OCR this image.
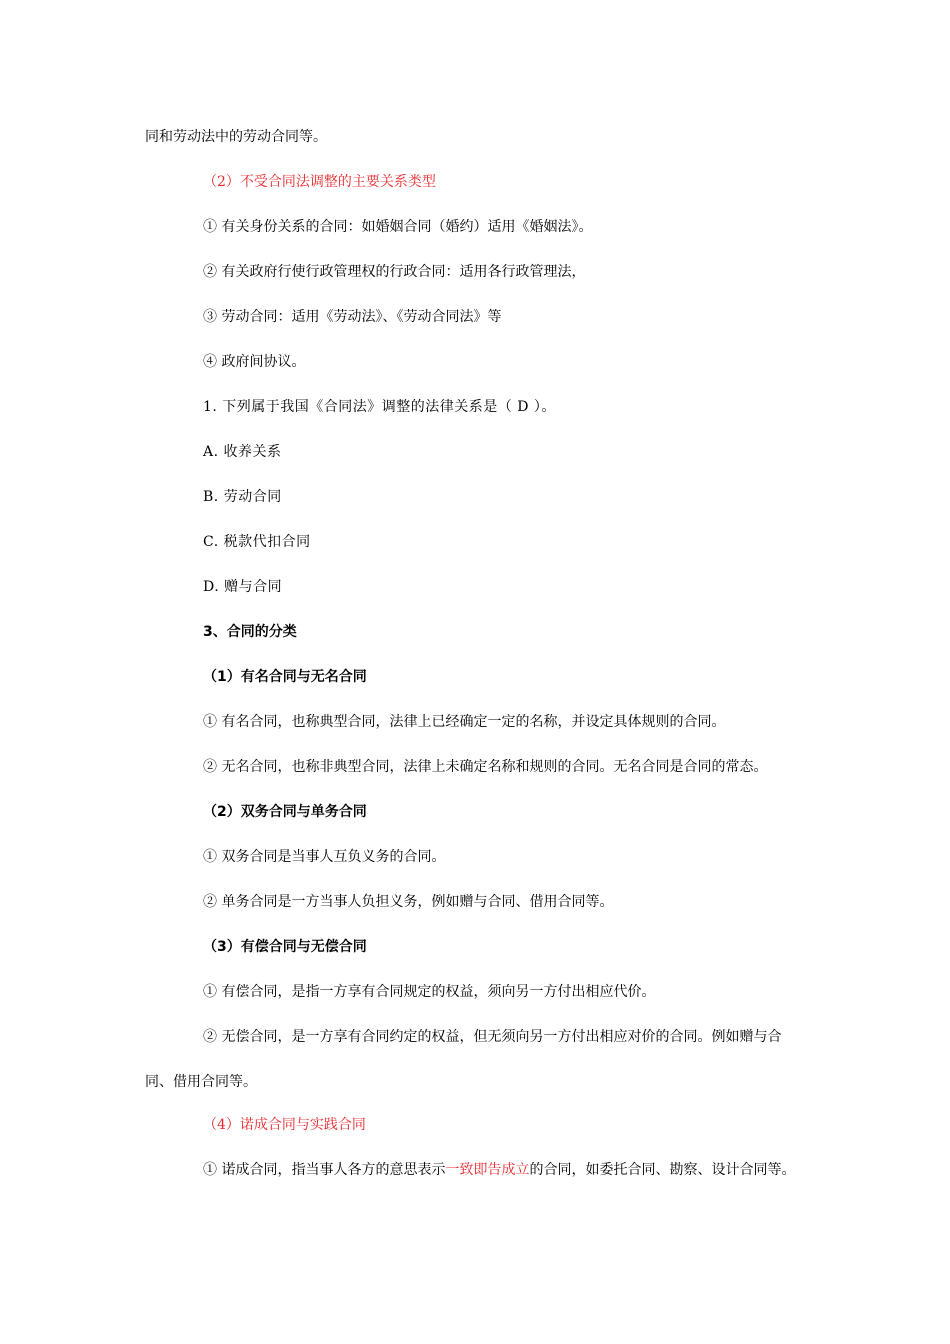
同和劳动法中的劳动合同等。
（2）不受合同法调整的主要关系类型
① 有关身份关系的合同：如婚姻合同（婚约）适用《婚姻法》。
② 有关政府行使行政管理权的行政合同：适用各行政管理法，
③ 劳动合同：适用《劳动法》、《劳动合同法》等
④ 政府间协议。
1. 下列属于我国《合同法》调整的法律关系是（ D ）。
A. 收养关系
B. 劳动合同
C. 税款代扣合同
D. 赠与合同
3、合同的分类
（1）有名合同与无名合同
① 有名合同，也称典型合同，法律上已经确定一定的名称，并设定具体规则的合同。
② 无名合同，也称非典型合同，法律上未确定名称和规则的合同。无名合同是合同的常态。
（2）双务合同与单务合同
① 双务合同是当事人互负义务的合同。
② 单务合同是一方当事人负担义务，例如赠与合同、借用合同等。
（3）有偿合同与无偿合同
① 有偿合同，是指一方享有合同规定的权益，须向另一方付出相应代价。
② 无偿合同，是一方享有合同约定的权益，但无须向另一方付出相应对价的合同。例如赠与合
同、借用合同等。
（4）诺成合同与实践合同
① 诺成合同，指当事人各方的意思表示一致即告成立的合同，如委托合同、勘察、设计合同等。
